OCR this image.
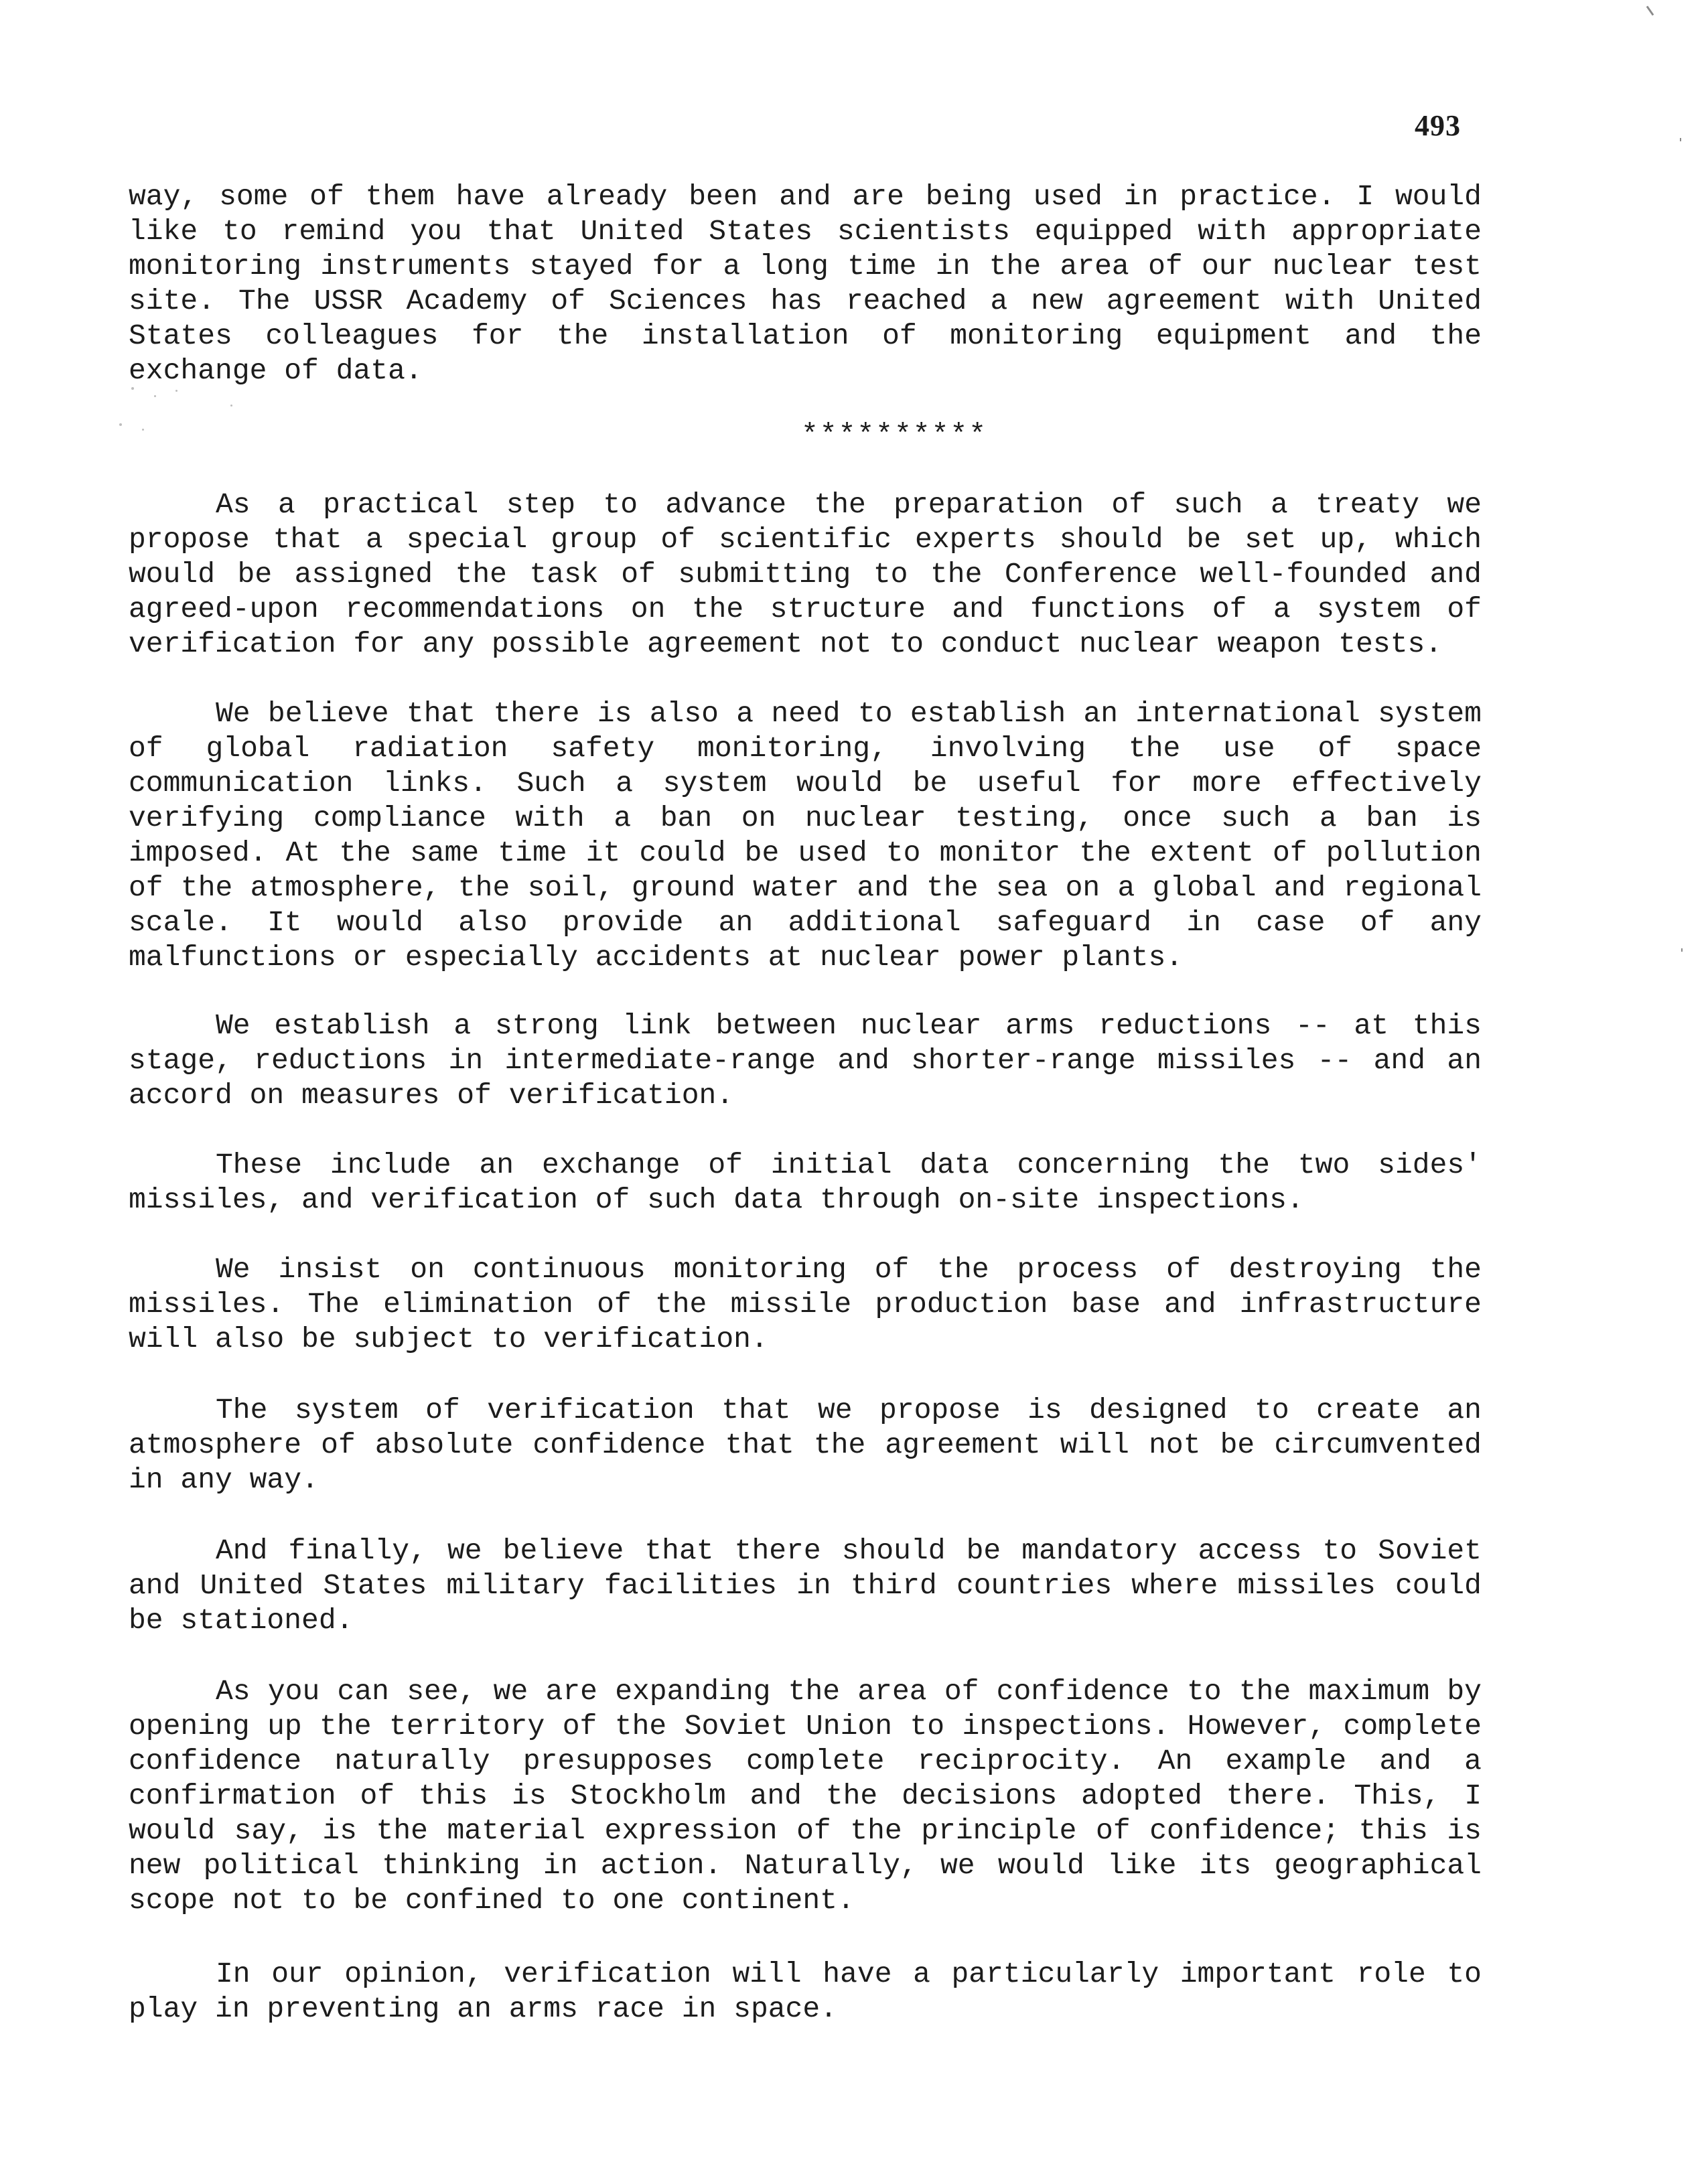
493

way, some of them have already been and are being used in practice. I would like to remind you that United States scientists equipped with appropriate monitoring instruments stayed for a long time in the area of our nuclear test site. The USSR Academy of Sciences has reached a new agreement with United States colleagues for the installation of monitoring equipment and the exchange of data.

**********

As a practical step to advance the preparation of such a treaty we propose that a special group of scientific experts should be set up, which would be assigned the task of submitting to the Conference well-founded and agreed-upon recommendations on the structure and functions of a system of verification for any possible agreement not to conduct nuclear weapon tests.

We believe that there is also a need to establish an international system of global radiation safety monitoring, involving the use of space communication links. Such a system would be useful for more effectively verifying compliance with a ban on nuclear testing, once such a ban is imposed. At the same time it could be used to monitor the extent of pollution of the atmosphere, the soil, ground water and the sea on a global and regional scale. It would also provide an additional safeguard in case of any malfunctions or especially accidents at nuclear power plants.

We establish a strong link between nuclear arms reductions -- at this stage, reductions in intermediate-range and shorter-range missiles -- and an accord on measures of verification.

These include an exchange of initial data concerning the two sides' missiles, and verification of such data through on-site inspections.

We insist on continuous monitoring of the process of destroying the missiles. The elimination of the missile production base and infrastructure will also be subject to verification.

The system of verification that we propose is designed to create an atmosphere of absolute confidence that the agreement will not be circumvented in any way.

And finally, we believe that there should be mandatory access to Soviet and United States military facilities in third countries where missiles could be stationed.

As you can see, we are expanding the area of confidence to the maximum by opening up the territory of the Soviet Union to inspections. However, complete confidence naturally presupposes complete reciprocity. An example and a confirmation of this is Stockholm and the decisions adopted there. This, I would say, is the material expression of the principle of confidence; this is new political thinking in action. Naturally, we would like its geographical scope not to be confined to one continent.

In our opinion, verification will have a particularly important role to play in preventing an arms race in space.
